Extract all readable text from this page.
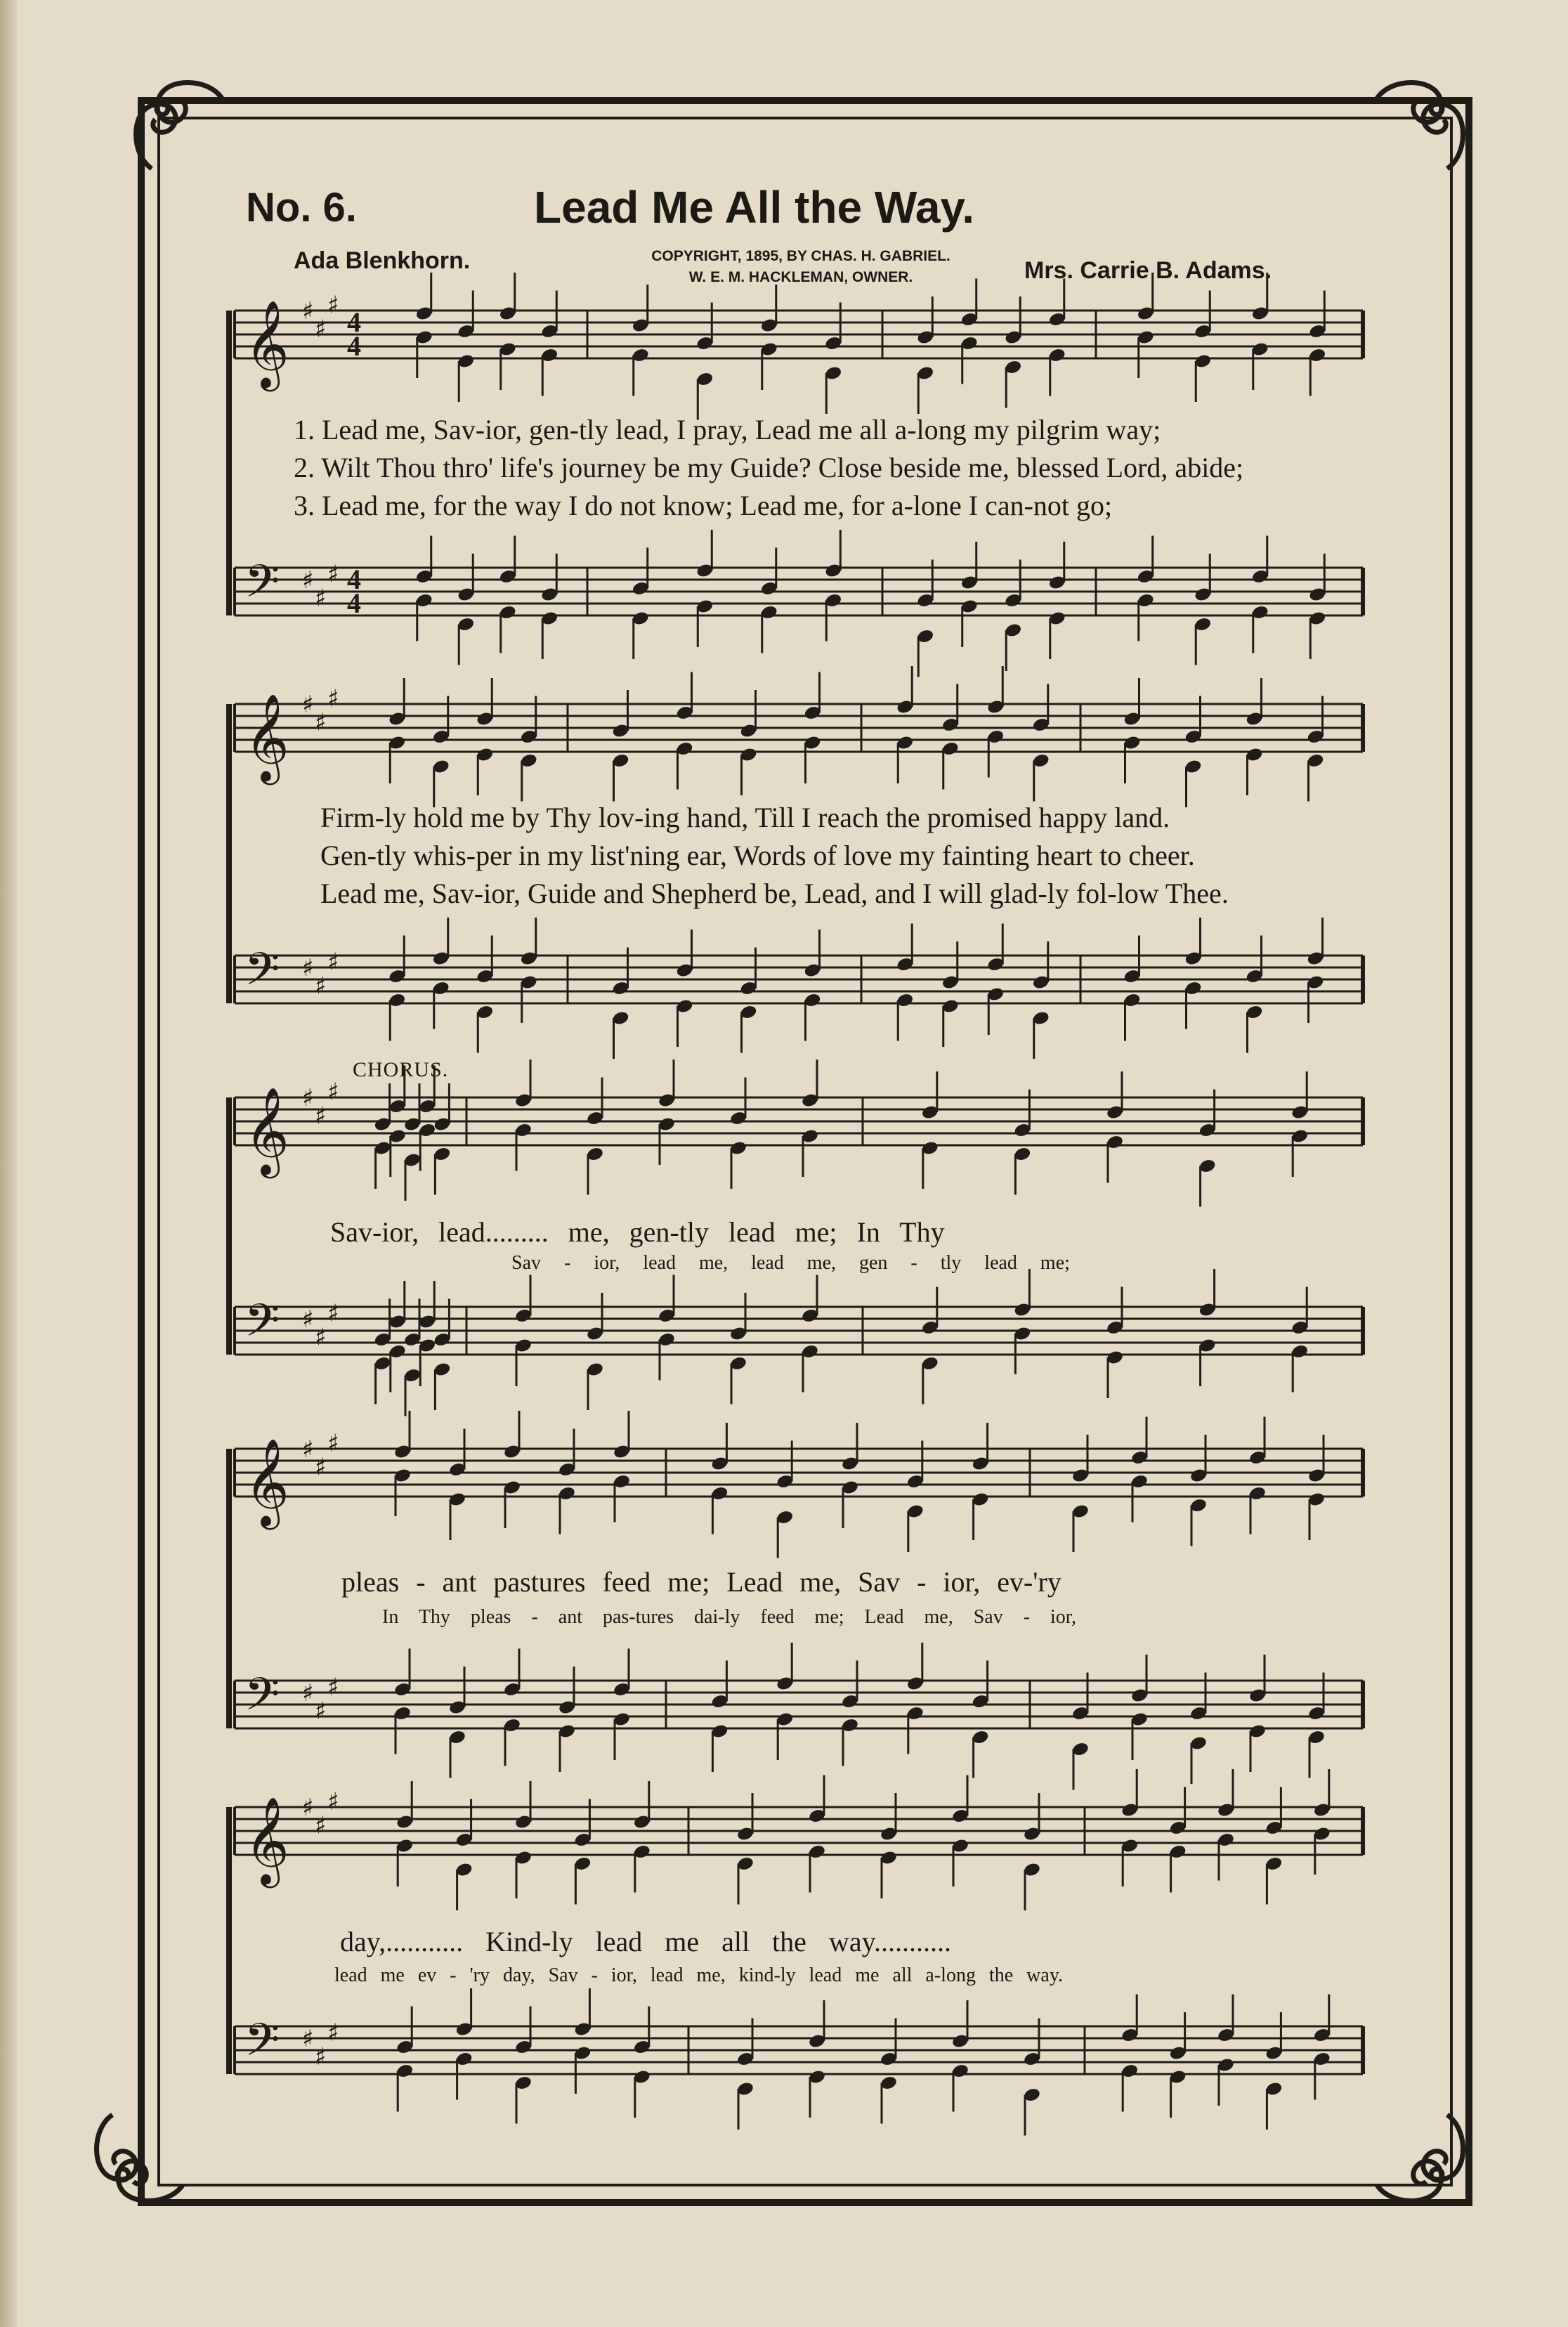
No. 6.	Lead Me All the Way.
Ada Blenkhorn.	COPYRIGHT, 1895, BY CHAS. H. GABRIEL.
W. E. M. HACKLEMAN, OWNER.	Mrs. Carrie B. Adams.
𝄞 ♯
♯
♯
4
4
𝄢 ♯
♯
♯ 4
4
𝄞 ♯
♯
♯
𝄢 ♯
♯
♯
𝄞 ♯
♯
♯
𝄢 ♯
♯
♯
𝄞 ♯
♯
♯
𝄢 ♯
♯
♯
𝄞 ♯
♯
♯
𝄢 ♯
♯
♯
1. Lead me, Sav-ior, gen-tly lead, I pray, Lead me all a-long my pilgrim way;
2. Wilt Thou thro' life's journey be my Guide? Close beside me, blessed Lord, abide;
3. Lead me, for the way I do not know; Lead me, for a-lone I can-not go;
Firm-ly hold me by Thy lov-ing hand, Till I reach the promised happy land.
Gen-tly whis-per in my list'ning ear, Words of love my fainting heart to cheer.
Lead me, Sav-ior, Guide and Shepherd be, Lead, and I will glad-ly fol-low Thee.
CHORUS.
Sav-ior, lead......... me, gen-tly lead me; In Thy
Sav - ior, lead me, lead me, gen - tly lead me;
pleas - ant pastures feed me; Lead me, Sav - ior, ev-'ry
In Thy pleas - ant pas-tures dai-ly feed me; Lead me, Sav - ior,
day,........... Kind-ly lead me all the way...........
lead me ev - 'ry day, Sav - ior, lead me, kind-ly lead me all a-long the way.
